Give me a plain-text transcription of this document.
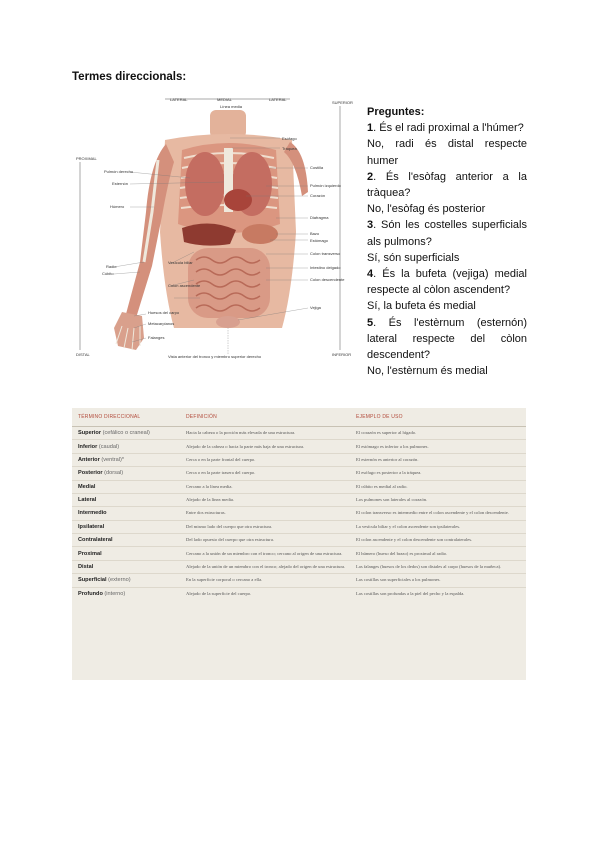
Termes direccionals:
LATERAL	MEDIAL	LATERAL
Línea media
SUPERIOR
INFERIOR
PROXIMAL
DISTAL
Pulmón derecho
Esternón
Húmero
Radio
Cúbito
Vesícula biliar
Colon ascendente
Huesos del carpo
Metacarpianos
Falanges
Esófago
Tráquea
Costilla
Pulmón izquierdo
Corazón
Diafragma
Bazo
Estómago
Colon transverso
Intestino delgado
Colon descendente
Vejiga
Vista anterior del tronco y miembro superior derecho

Preguntes:

1. És el radi proximal a l'húmer?

No, radi és distal respecte humer

2. És l'esòfag anterior a la tràquea?

No, l'esòfag és posterior

3. Són les costelles superficials als pulmons?

Sí, són superficials

4. És la bufeta (vejiga) medial respecte al còlon ascendent?

Sí, la bufeta és medial

5. És l'estèrnum (esternón) lateral respecte del còlon descendent?

No, l'estèrnum és medial

TÉRMINO DIRECCIONAL	DEFINICIÓN	EJEMPLO DE USO
Superior (cefálico o craneal)	Hacia la cabeza o la porción más elevada de una estructura.	El corazón es superior al hígado.
Inferior (caudal)	Alejado de la cabeza o hacia la parte más baja de una estructura.	El estómago es inferior a los pulmones.
Anterior (ventral)*	Cerca o en la parte frontal del cuerpo.	El esternón es anterior al corazón.
Posterior (dorsal)	Cerca o en la parte trasera del cuerpo.	El esófago es posterior a la tráquea.
Medial	Cercano a la línea media.	El cúbito es medial al radio.
Lateral	Alejado de la línea media.	Los pulmones son laterales al corazón.
Intermedio	Entre dos estructuras.	El colon transverso es intermedio entre el colon ascendente y el colon descendente.
Ipsilateral	Del mismo lado del cuerpo que otra estructura.	La vesícula biliar y el colon ascendente son ipsilaterales.
Contralateral	Del lado opuesto del cuerpo que otra estructura.	El colon ascendente y el colon descendente son contralaterales.
Proximal	Cercano a la unión de un miembro con el tronco; cercano al origen de una estructura.	El húmero (hueso del brazo) es proximal al radio.
Distal	Alejado de la unión de un miembro con el tronco; alejado del origen de una estructura.	Las falanges (huesos de los dedos) son distales al carpo (huesos de la muñeca).
Superficial (externo)	En la superficie corporal o cercano a ella.	Las costillas son superficiales a los pulmones.
Profundo (interno)	Alejado de la superficie del cuerpo.	Las costillas son profundas a la piel del pecho y la espalda.
